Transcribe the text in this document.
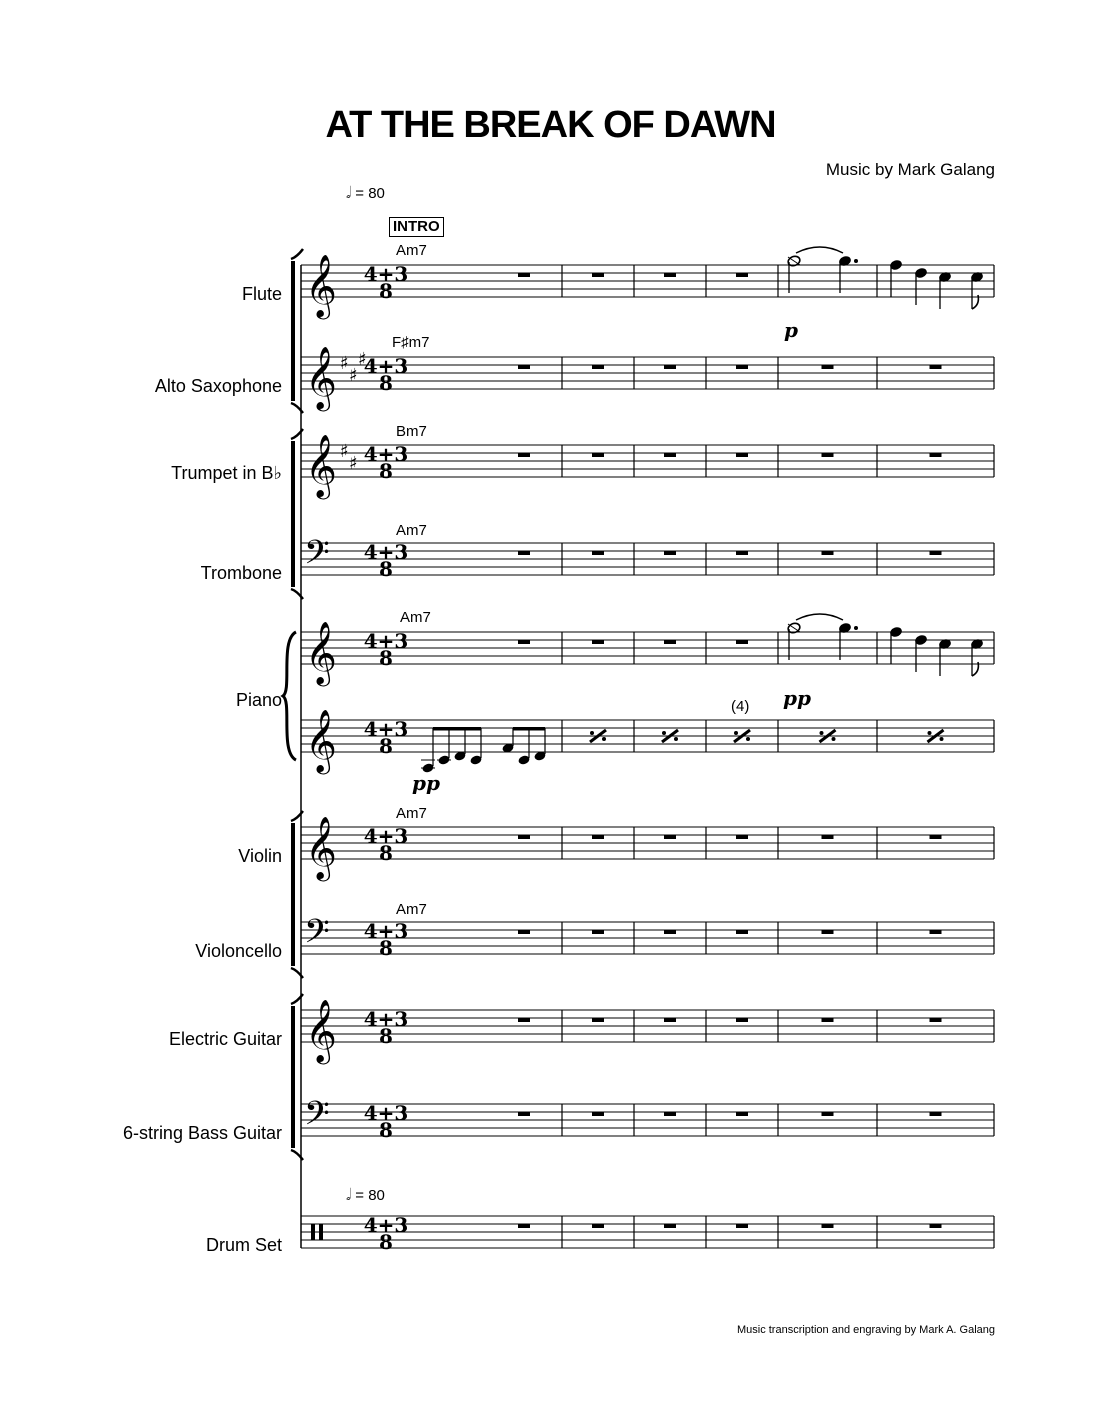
AT THE BREAK OF DAWN
Music by Mark Galang
𝅗𝅥 = 80
INTRO
Am7
F♯m7
Bm7
Am7
Am7
Am7
Am7
Flute
Alto Saxophone
Trumpet in B♭
Trombone
Piano
Violin
Violoncello
Electric Guitar
6-string Bass Guitar
Drum Set
𝅗𝅥 = 80
p
pp
pp
(4)
Music transcription and engraving by Mark A. Galang
𝄞 4+3
8
𝄞 ♯
♯
♯
4+3
8
𝄞 ♯
♯ 4+3
8
𝄢 4+3
8
𝄞 4+3
8
𝄞 4+3
8
𝄞 4+3
8
𝄢 4+3
8
𝄞 4+3
8
𝄢 4+3
8
4+3
8
